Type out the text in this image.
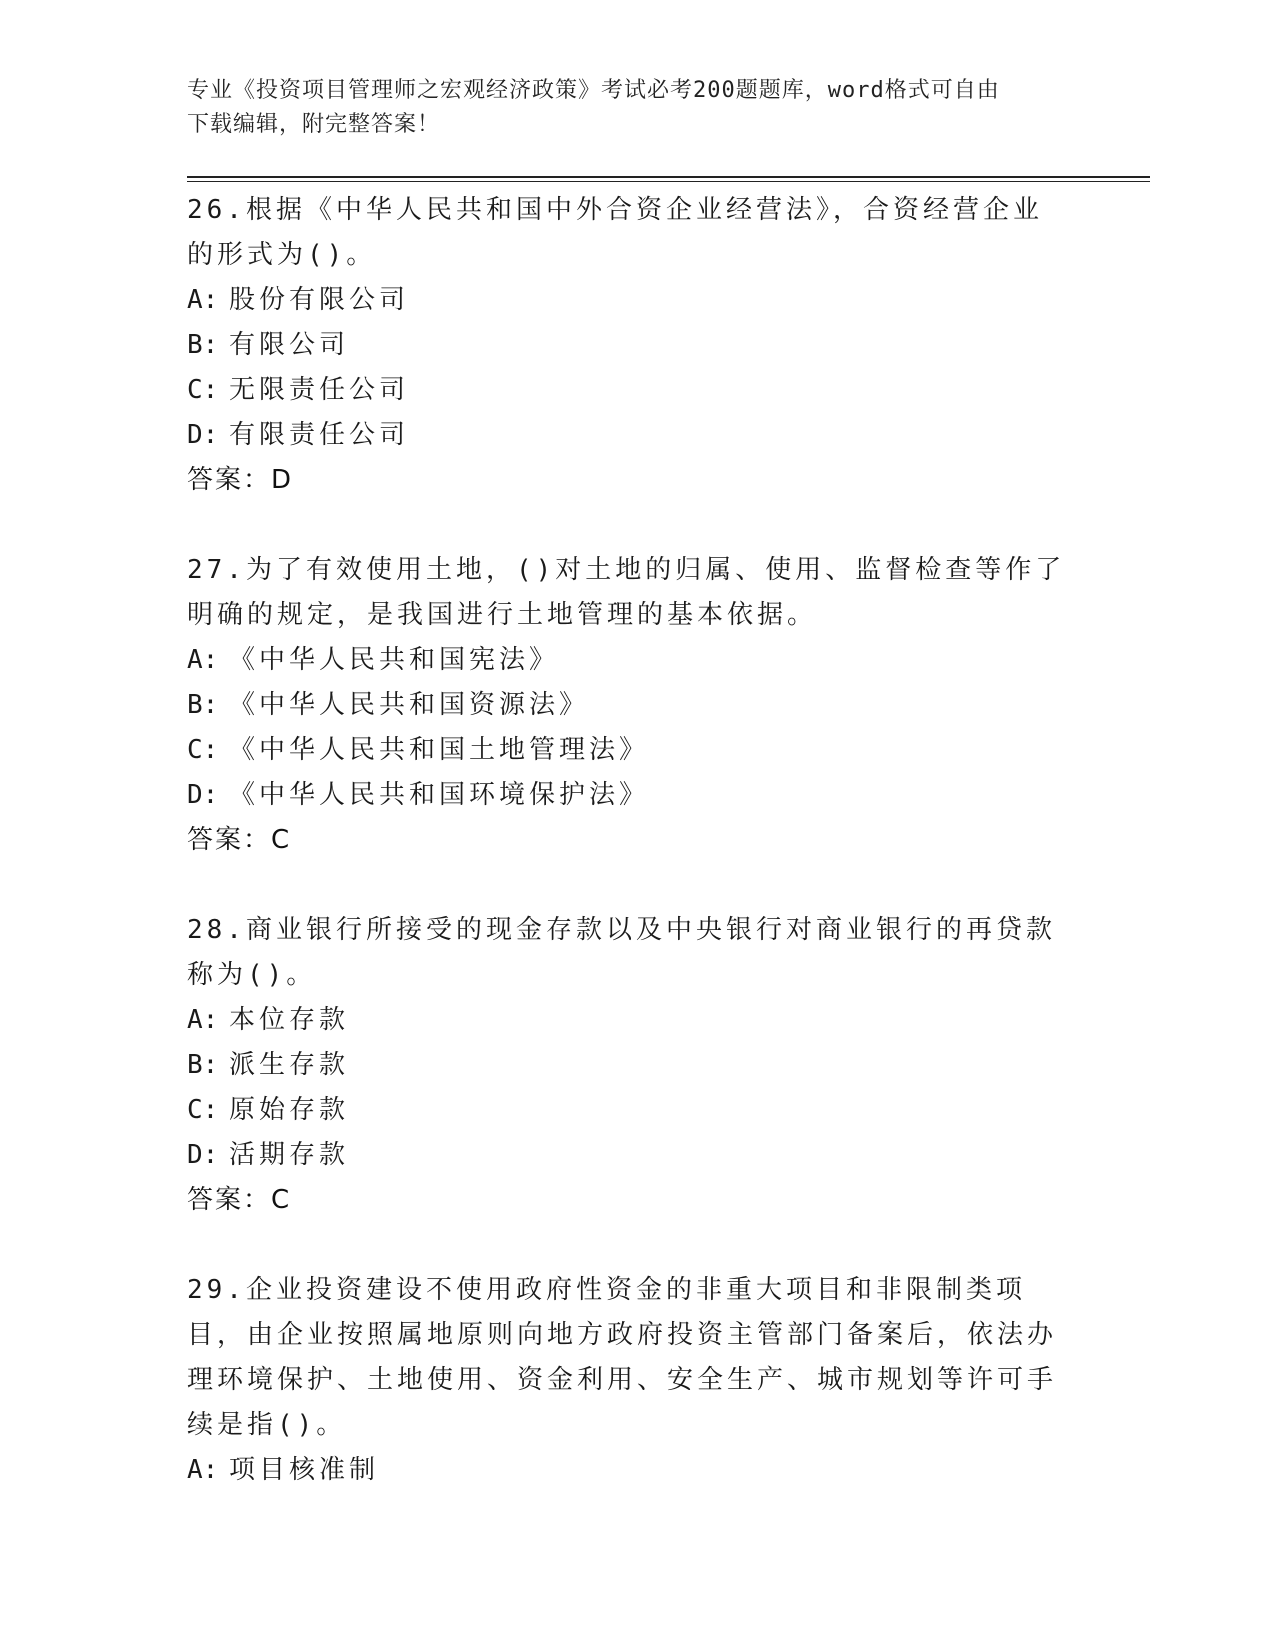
专业《投资项目管理师之宏观经济政策》考试必考200题题库，word格式可自由
下载编辑，附完整答案！
26.根据《中华人民共和国中外合资企业经营法》，合资经营企业的形式为()。
A: 股份有限公司
B: 有限公司
C: 无限责任公司
D: 有限责任公司
答案：D
27.为了有效使用土地，()对土地的归属、使用、监督检查等作了明确的规定，是我国进行土地管理的基本依据。
A: 《中华人民共和国宪法》
B: 《中华人民共和国资源法》
C: 《中华人民共和国土地管理法》
D: 《中华人民共和国环境保护法》
答案：C
28.商业银行所接受的现金存款以及中央银行对商业银行的再贷款称为()。
A: 本位存款
B: 派生存款
C: 原始存款
D: 活期存款
答案：C
29.企业投资建设不使用政府性资金的非重大项目和非限制类项目，由企业按照属地原则向地方政府投资主管部门备案后，依法办理环境保护、土地使用、资金利用、安全生产、城市规划等许可手续是指()。
A: 项目核准制
